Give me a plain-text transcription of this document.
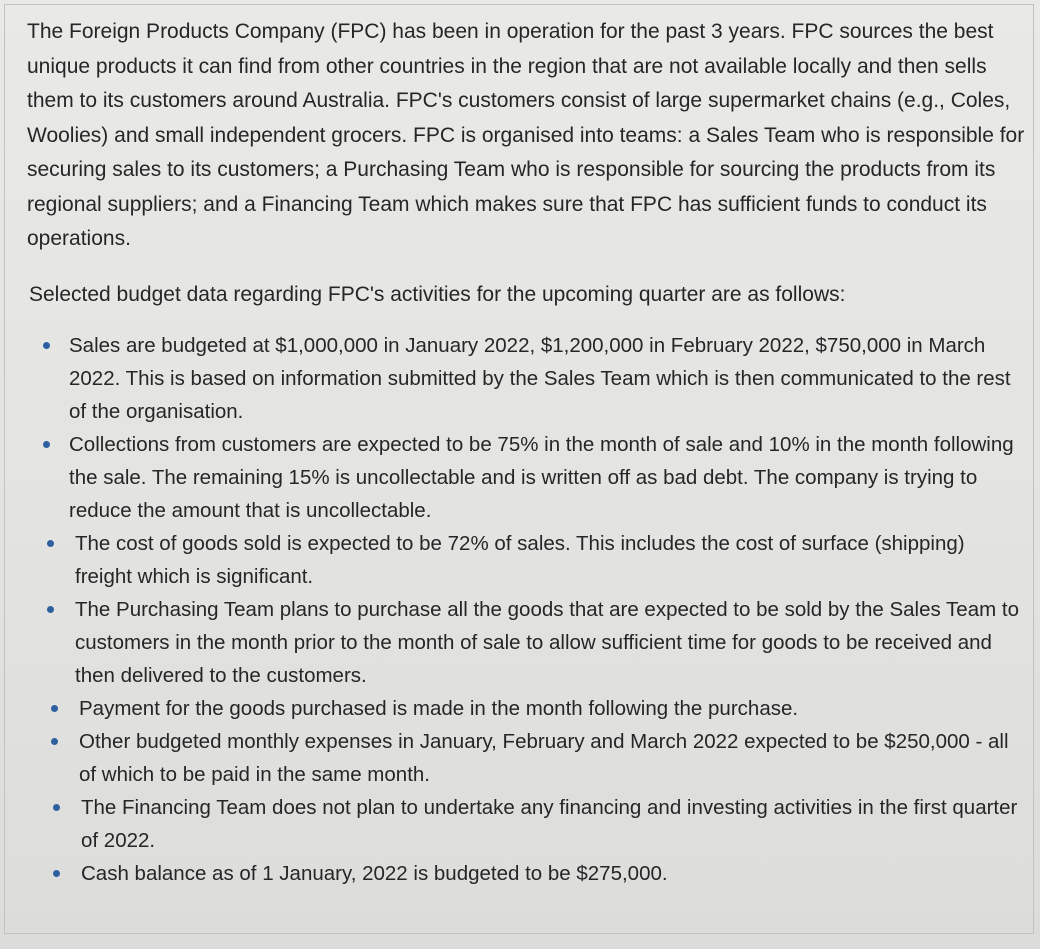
The Foreign Products Company (FPC) has been in operation for the past 3 years. FPC sources the best unique products it can find from other countries in the region that are not available locally and then sells them to its customers around Australia. FPC's customers consist of large supermarket chains (e.g., Coles, Woolies) and small independent grocers. FPC is organised into teams: a Sales Team who is responsible for securing sales to its customers; a Purchasing Team who is responsible for sourcing the products from its regional suppliers; and a Financing Team which makes sure that FPC has sufficient funds to conduct its operations.

Selected budget data regarding FPC's activities for the upcoming quarter are as follows:

Sales are budgeted at $1,000,000 in January 2022, $1,200,000 in February 2022, $750,000 in March 2022. This is based on information submitted by the Sales Team which is then communicated to the rest of the organisation.
Collections from customers are expected to be 75% in the month of sale and 10% in the month following the sale. The remaining 15% is uncollectable and is written off as bad debt. The company is trying to reduce the amount that is uncollectable.
The cost of goods sold is expected to be 72% of sales. This includes the cost of surface (shipping) freight which is significant.
The Purchasing Team plans to purchase all the goods that are expected to be sold by the Sales Team to customers in the month prior to the month of sale to allow sufficient time for goods to be received and then delivered to the customers.
Payment for the goods purchased is made in the month following the purchase.
Other budgeted monthly expenses in January, February and March 2022 expected to be $250,000 - all of which to be paid in the same month.
The Financing Team does not plan to undertake any financing and investing activities in the first quarter of 2022.
Cash balance as of 1 January, 2022 is budgeted to be $275,000.
